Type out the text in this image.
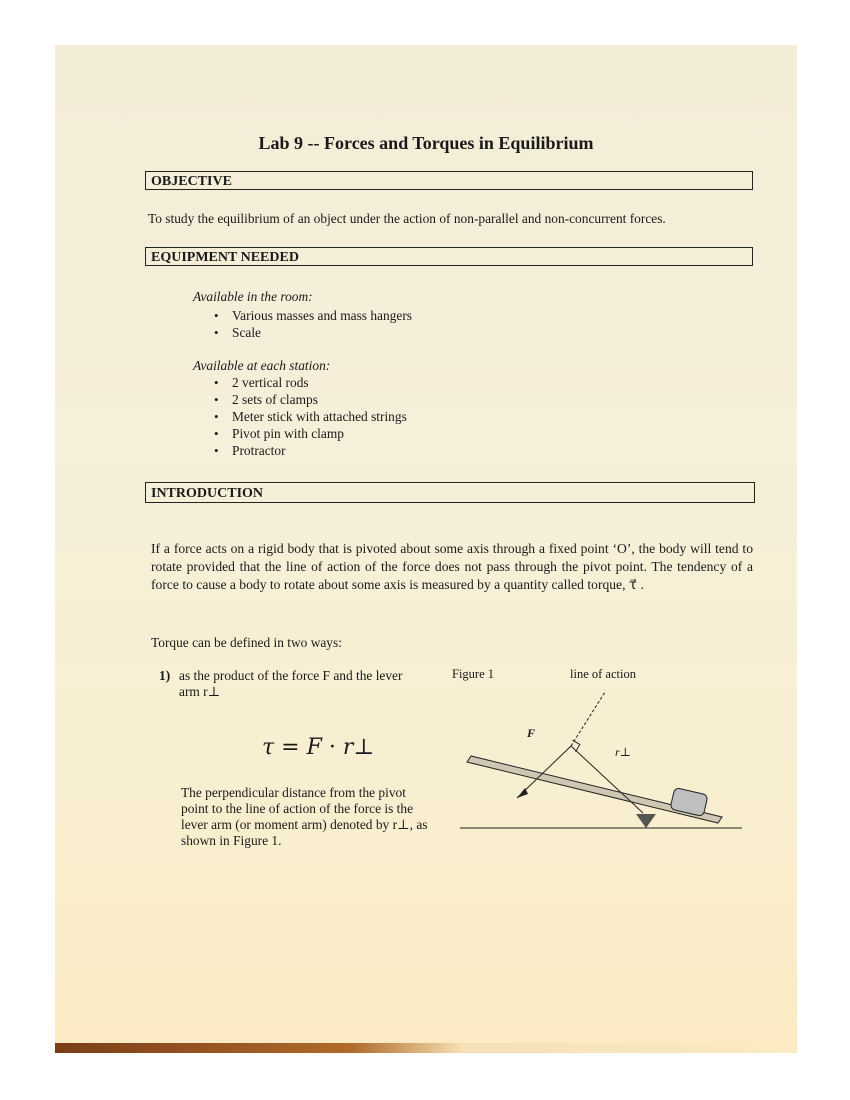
Lab 9 -- Forces and Torques in Equilibrium
OBJECTIVE
To study the equilibrium of an object under the action of non-parallel and non-concurrent forces.
EQUIPMENT NEEDED
Available in the room:
• Various masses and mass hangers
• Scale
Available at each station:
• 2 vertical rods
• 2 sets of clamps
• Meter stick with attached strings
• Pivot pin with clamp
• Protractor
INTRODUCTION
If a force acts on a rigid body that is pivoted about some axis through a fixed point ‘O’, the body will tend to rotate provided that the line of action of the force does not pass through the pivot point. The tendency of a force to cause a body to rotate about some axis is measured by a quantity called torque, τ⃗ .
Torque can be defined in two ways:
1) as the product of the force F and the lever arm r⊥
τ = F · r⊥
The perpendicular distance from the pivot point to the line of action of the force is the lever arm (or moment arm) denoted by r⊥, as shown in Figure 1.
Figure 1	line of action
F
r⊥
